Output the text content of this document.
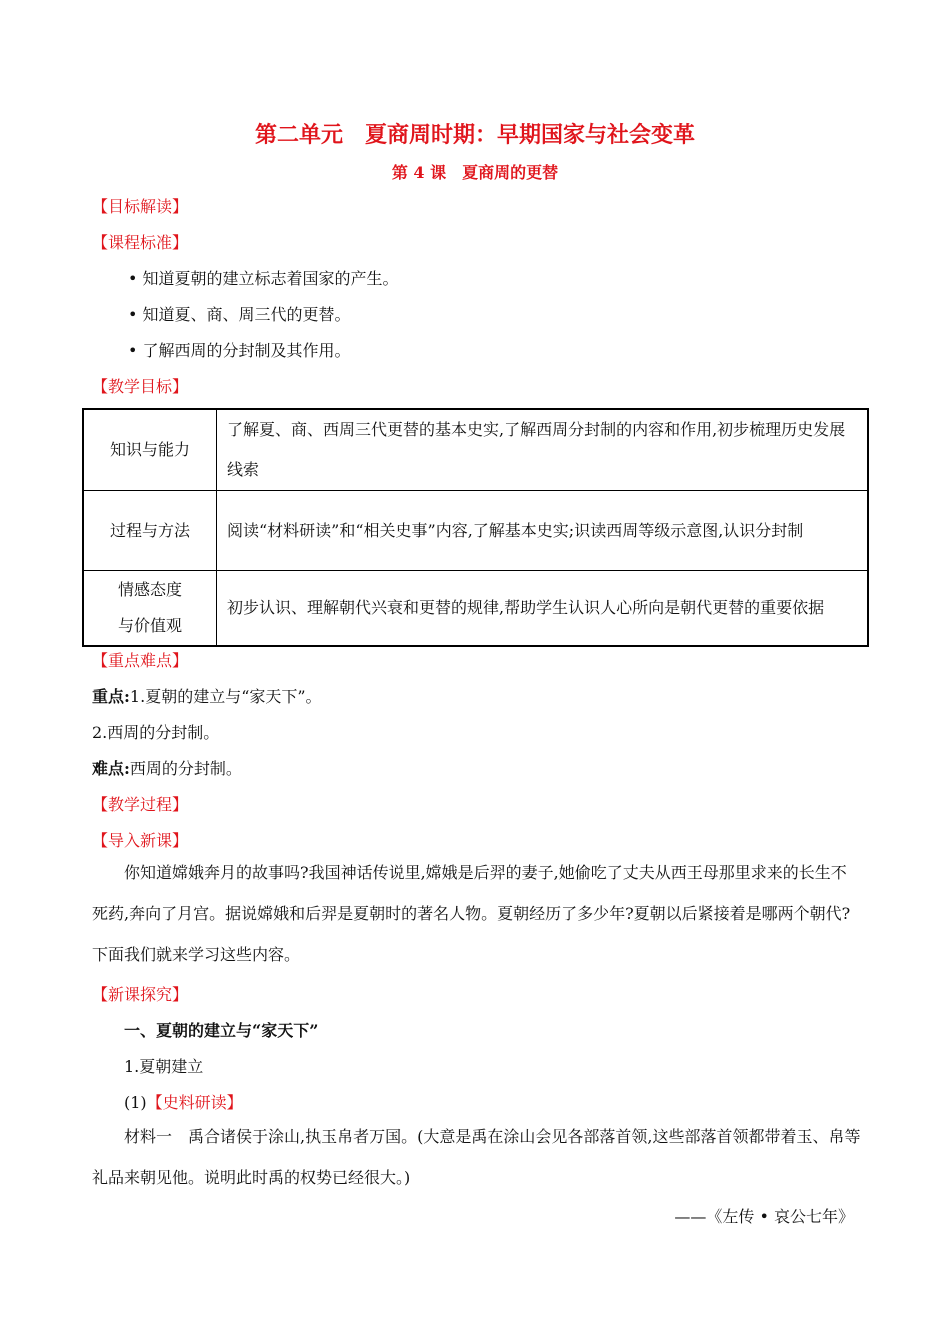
第二单元　夏商周时期：早期国家与社会变革
第 4 课　夏商周的更替
【目标解读】
【课程标准】
• 知道夏朝的建立标志着国家的产生。
• 知道夏、商、周三代的更替。
• 了解西周的分封制及其作用。
【教学目标】
知识与能力	了解夏、商、西周三代更替的基本史实,了解西周分封制的内容和作用,初步梳理历史发展线索
过程与方法	阅读“材料研读”和“相关史事”内容,了解基本史实;识读西周等级示意图,认识分封制

情感态度
与价值观	初步认识、理解朝代兴衰和更替的规律,帮助学生认识人心所向是朝代更替的重要依据
【重点难点】
重点:1.夏朝的建立与“家天下”。
2.西周的分封制。
难点:西周的分封制。
【教学过程】
【导入新课】
你知道嫦娥奔月的故事吗?我国神话传说里,嫦娥是后羿的妻子,她偷吃了丈夫从西王母那里求来的长生不死药,奔向了月宫。据说嫦娥和后羿是夏朝时的著名人物。夏朝经历了多少年?夏朝以后紧接着是哪两个朝代?下面我们就来学习这些内容。
【新课探究】
一、夏朝的建立与“家天下”
1.夏朝建立
(1)【史料研读】
材料一　 禹合诸侯于涂山,执玉帛者万国。(大意是禹在涂山会见各部落首领,这些部落首领都带着玉、帛等礼品来朝见他。说明此时禹的权势已经很大。)
——《左传 • 哀公七年》
